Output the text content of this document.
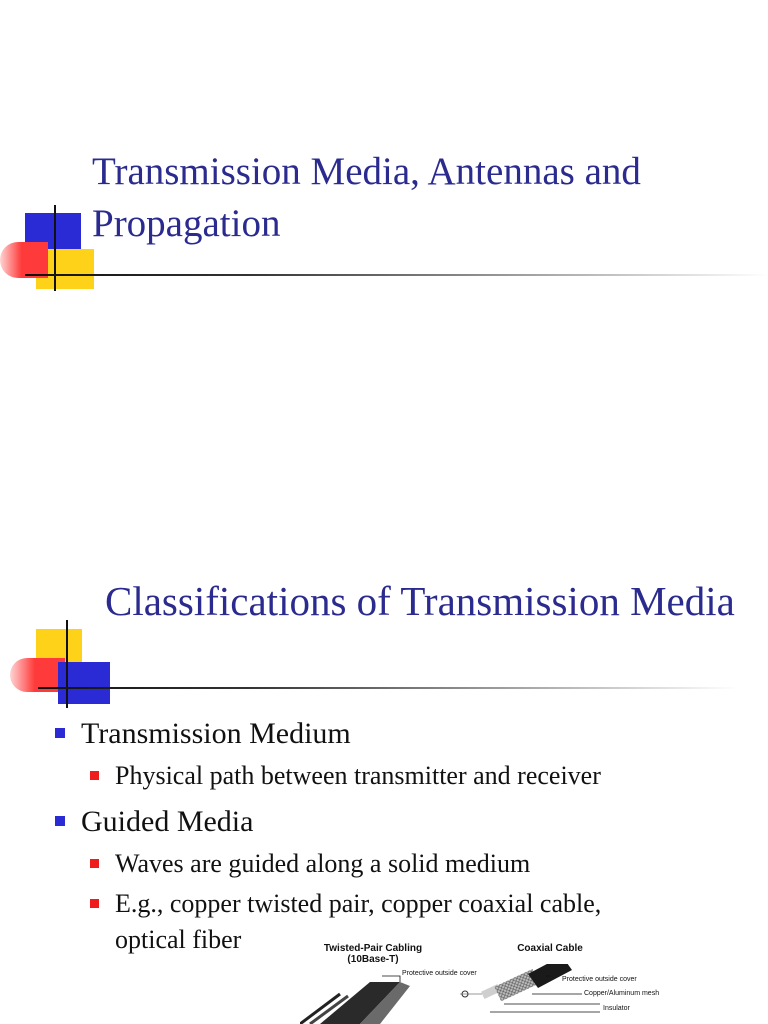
Transmission Media, Antennas and Propagation
Classifications of Transmission Media
Transmission Medium
Physical path between transmitter and receiver
Guided Media
Waves are guided along a solid medium
E.g., copper twisted pair, copper coaxial cable, optical fiber	Twisted-Pair Cabling
(10Base-T)
Coaxial Cable
Protective outside cover
Protective outside cover
Copper/Aluminum mesh
Insulator
